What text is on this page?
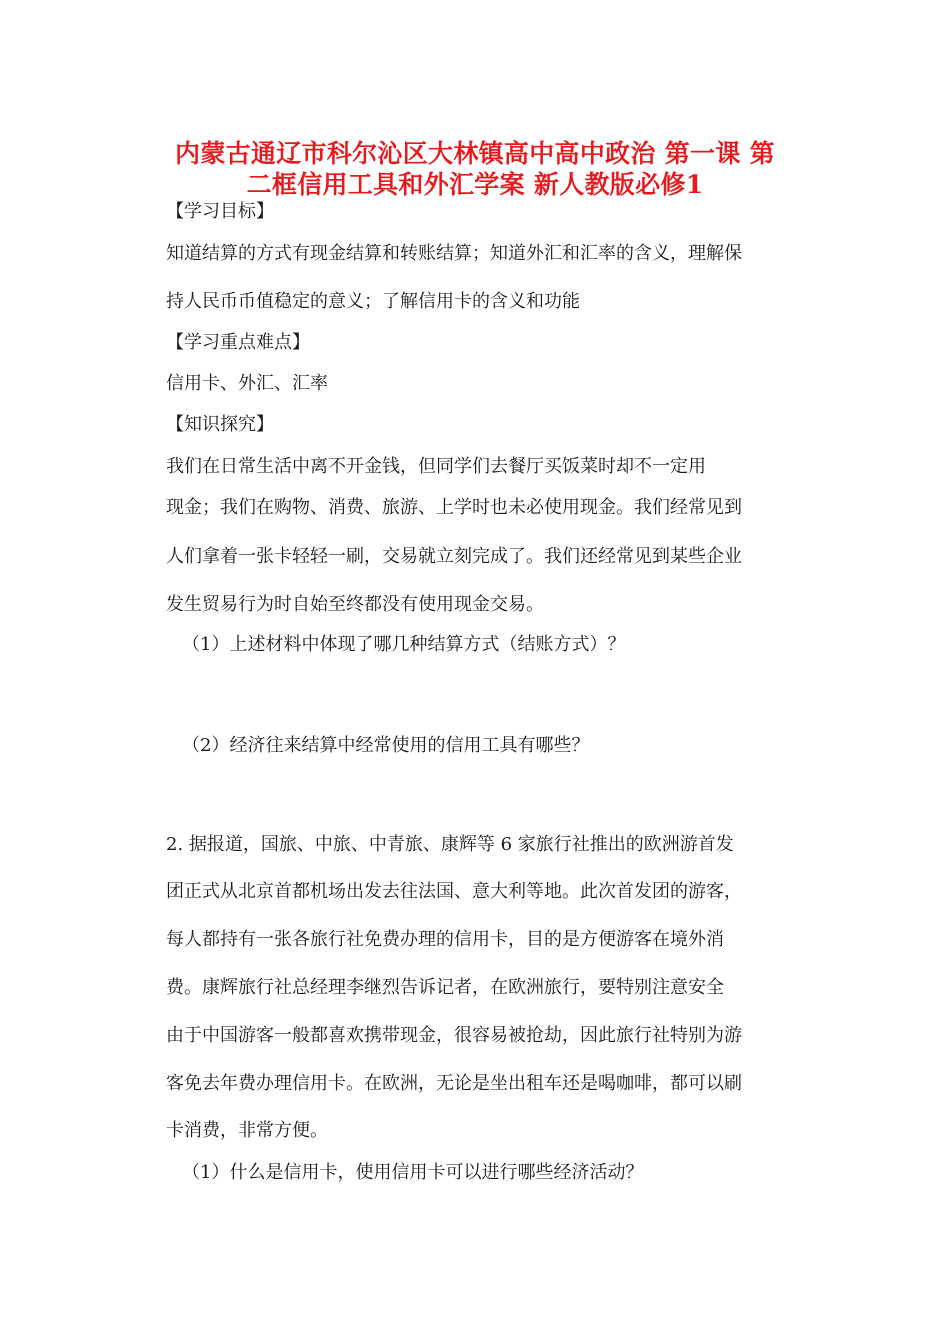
内蒙古通辽市科尔沁区大林镇高中高中政治 第一课 第
二框信用工具和外汇学案 新人教版必修1
【学习目标】
知道结算的方式有现金结算和转账结算；知道外汇和汇率的含义，理解保
持人民币币值稳定的意义；了解信用卡的含义和功能
【学习重点难点】
信用卡、外汇、汇率
【知识探究】
我们在日常生活中离不开金钱，但同学们去餐厅买饭菜时却不一定用
现金；我们在购物、消费、旅游、上学时也未必使用现金。我们经常见到
人们拿着一张卡轻轻一刷，交易就立刻完成了。我们还经常见到某些企业
发生贸易行为时自始至终都没有使用现金交易。
（1）上述材料中体现了哪几种结算方式（结账方式）？
（2）经济往来结算中经常使用的信用工具有哪些？
2. 据报道，国旅、中旅、中青旅、康辉等 6 家旅行社推出的欧洲游首发
团正式从北京首都机场出发去往法国、意大利等地。此次首发团的游客，
每人都持有一张各旅行社免费办理的信用卡，目的是方便游客在境外消
费。康辉旅行社总经理李继烈告诉记者，在欧洲旅行，要特别注意安全
由于中国游客一般都喜欢携带现金，很容易被抢劫，因此旅行社特别为游
客免去年费办理信用卡。在欧洲，无论是坐出租车还是喝咖啡，都可以刷
卡消费，非常方便。
（1）什么是信用卡，使用信用卡可以进行哪些经济活动？
